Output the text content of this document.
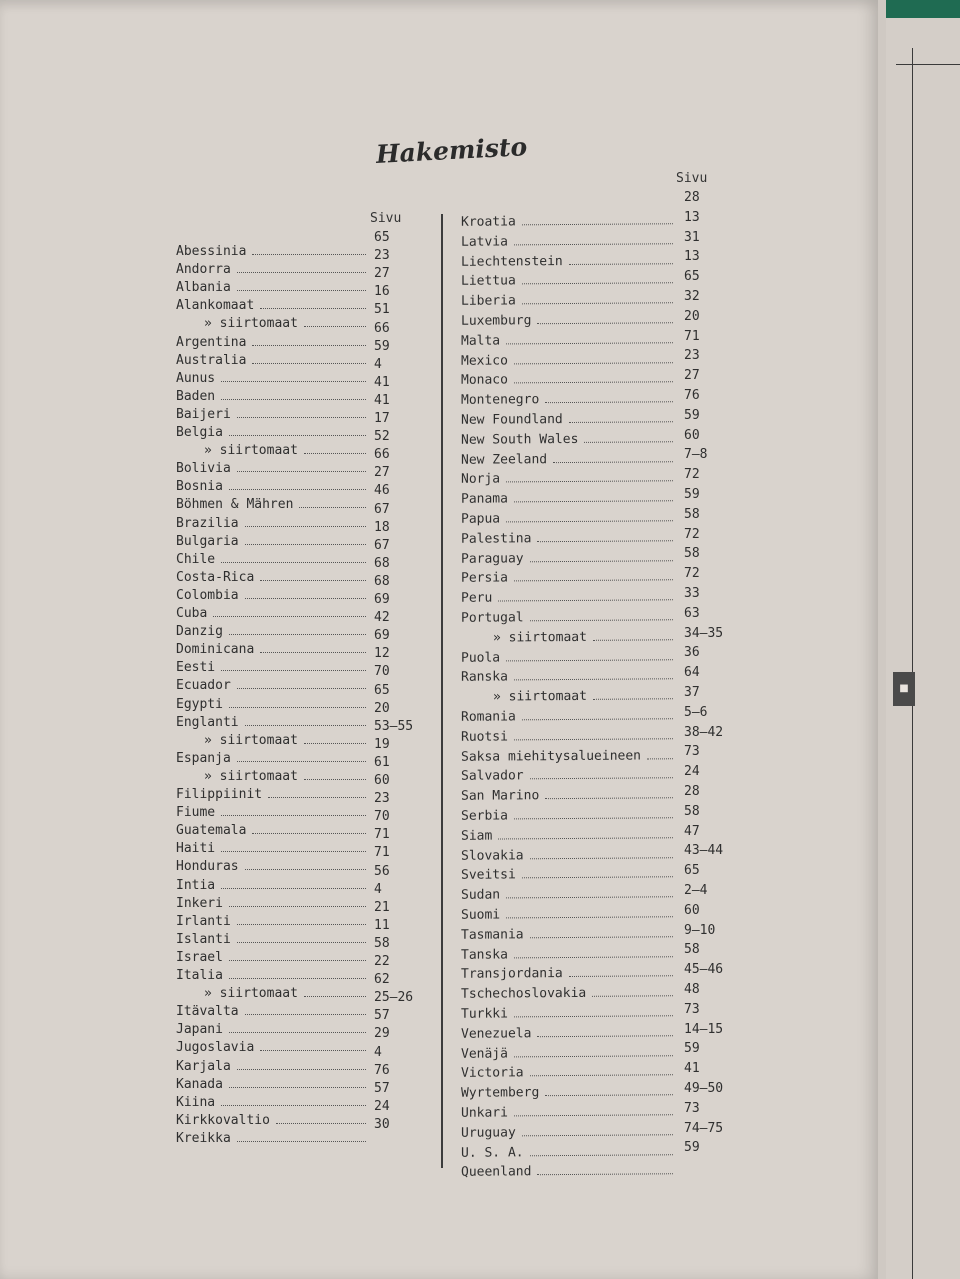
■
Hakemisto
Sivu
Sivu
Abessinia
Andorra
Albania
Alankomaat
» siirtomaat
Argentina
Australia
Aunus
Baden
Baijeri
Belgia
» siirtomaat
Bolivia
Bosnia
Böhmen & Mähren
Brazilia
Bulgaria
Chile
Costa-Rica
Colombia
Cuba
Danzig
Dominicana
Eesti
Ecuador
Egypti
Englanti
» siirtomaat
Espanja
» siirtomaat
Filippiinit
Fiume
Guatemala
Haiti
Honduras
Intia
Inkeri
Irlanti
Islanti
Israel
Italia
» siirtomaat
Itävalta
Japani
Jugoslavia
Karjala
Kanada
Kiina
Kirkkovaltio
Kreikka
65
23
27
16
51
66
59
4
41
41
17
52
66
27
46
67
18
67
68
68
69
42
69
12
70
65
20
53—55
19
61
60
23
70
71
71
56
4
21
11
58
22
62
25—26
57
29
4
76
57
24
30
Kroatia
Latvia
Liechtenstein
Liettua
Liberia
Luxemburg
Malta
Mexico
Monaco
Montenegro
New Foundland
New South Wales
New Zeeland
Norja
Panama
Papua
Palestina
Paraguay
Persia
Peru
Portugal
» siirtomaat
Puola
Ranska
» siirtomaat
Romania
Ruotsi
Saksa miehitysalueineen
Salvador
San Marino
Serbia
Siam
Slovakia
Sveitsi
Sudan
Suomi
Tasmania
Tanska
Transjordania
Tschechoslovakia
Turkki
Venezuela
Venäjä
Victoria
Wyrtemberg
Unkari
Uruguay
U. S. A.
Queenland
28
13
31
13
65
32
20
71
23
27
76
59
60
7—8
72
59
58
72
58
72
33
63
34—35
36
64
37
5—6
38—42
73
24
28
58
47
43—44
65
2—4
60
9—10
58
45—46
48
73
14—15
59
41
49—50
73
74—75
59
